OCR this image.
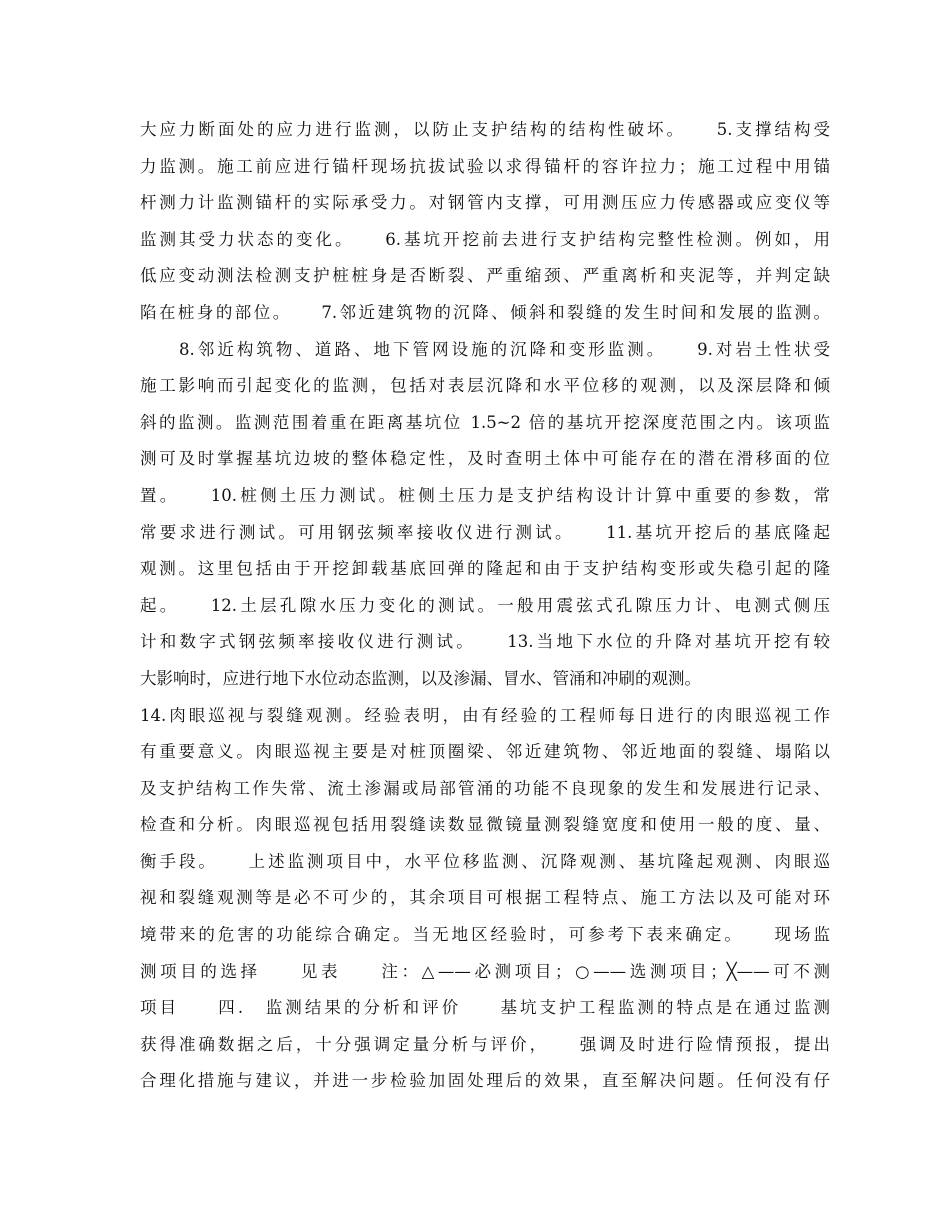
大应力断面处的应力进行监测，以防止支护结构的结构性破坏。　　5.支撑结构受
力监测。施工前应进行锚杆现场抗拔试验以求得锚杆的容许拉力；施工过程中用锚
杆测力计监测锚杆的实际承受力。对钢管内支撑，可用测压应力传感器或应变仪等
监测其受力状态的变化。　　6.基坑开挖前去进行支护结构完整性检测。例如，用
低应变动测法检测支护桩桩身是否断裂、严重缩颈、严重离析和夹泥等，并判定缺
陷在桩身的部位。　　7.邻近建筑物的沉降、倾斜和裂缝的发生时间和发展的监测。
　　8.邻近构筑物、道路、地下管网设施的沉降和变形监测。　　9.对岩土性状受
施工影响而引起变化的监测，包括对表层沉降和水平位移的观测，以及深层降和倾
斜的监测。监测范围着重在距离基坑位 1.5~2 倍的基坑开挖深度范围之内。该项监
测可及时掌握基坑边坡的整体稳定性，及时查明土体中可能存在的潜在滑移面的位
置。　　10.桩侧土压力测试。桩侧土压力是支护结构设计计算中重要的参数，常
常要求进行测试。可用钢弦频率接收仪进行测试。　　11.基坑开挖后的基底隆起
观测。这里包括由于开挖卸载基底回弹的隆起和由于支护结构变形或失稳引起的隆
起。　　12.土层孔隙水压力变化的测试。一般用震弦式孔隙压力计、电测式侧压
计和数字式钢弦频率接收仪进行测试。　　13.当地下水位的升降对基坑开挖有较
大影响时，应进行地下水位动态监测，以及渗漏、冒水、管涌和冲刷的观测。
14.肉眼巡视与裂缝观测。经验表明，由有经验的工程师每日进行的肉眼巡视工作
有重要意义。肉眼巡视主要是对桩顶圈梁、邻近建筑物、邻近地面的裂缝、塌陷以
及支护结构工作失常、流土渗漏或局部管涌的功能不良现象的发生和发展进行记录、
检查和分析。肉眼巡视包括用裂缝读数显微镜量测裂缝宽度和使用一般的度、量、
衡手段。　　上述监测项目中，水平位移监测、沉降观测、基坑隆起观测、肉眼巡
视和裂缝观测等是必不可少的，其余项目可根据工程特点、施工方法以及可能对环
境带来的危害的功能综合确定。当无地区经验时，可参考下表来确定。　　现场监
测项目的选择　　见表　　注：△——必测项目；○——选测项目；╳——可不测
项目　　四.　监测结果的分析和评价　　基坑支护工程监测的特点是在通过监测
获得准确数据之后，十分强调定量分析与评价，　　强调及时进行险情预报，提出
合理化措施与建议，并进一步检验加固处理后的效果，直至解决问题。任何没有仔
